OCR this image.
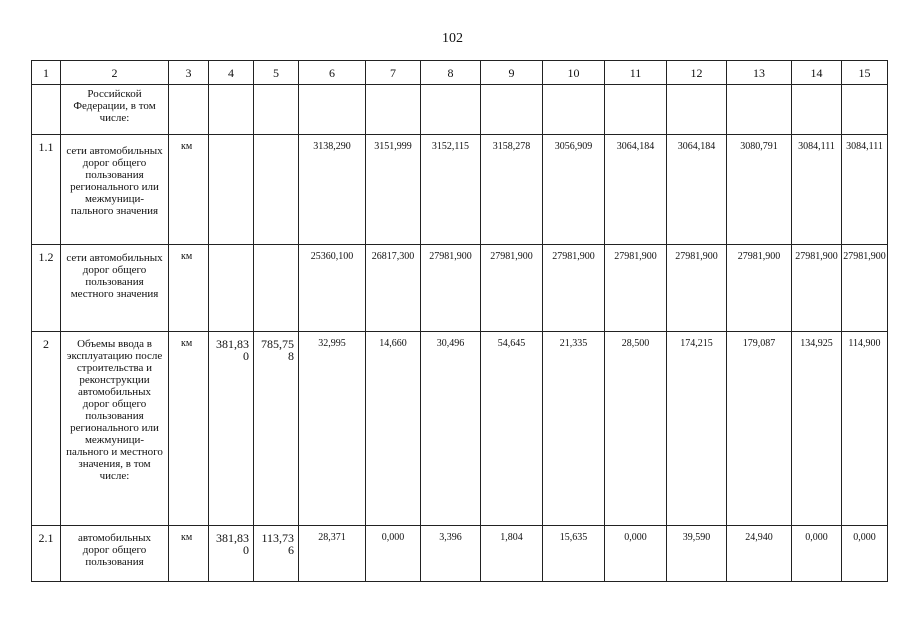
102
1	2	3	4	5	6	7	8	9	10	11	12	13	14	15
	Российской Федерации, в том числе:													
1.1	сети автомобильных дорог общего пользования регионального или межмуници-пального значения	км			3138,290	3151,999	3152,115	3158,278	3056,909	3064,184	3064,184	3080,791	3084,111	3084,111
1.2	сети автомобильных дорог общего пользования местного значения	км			25360,100	26817,300	27981,900	27981,900	27981,900	27981,900	27981,900	27981,900	27981,900	27981,900
2	Объемы ввода в эксплуатацию после строительства и реконструкции автомобильных дорог общего пользования регионального или межмуници-пального и местного значения, в том числе:	км	381,830	785,758	32,995	14,660	30,496	54,645	21,335	28,500	174,215	179,087	134,925	114,900
2.1	автомобильных дорог общего пользования	км	381,830	113,736	28,371	0,000	3,396	1,804	15,635	0,000	39,590	24,940	0,000	0,000
